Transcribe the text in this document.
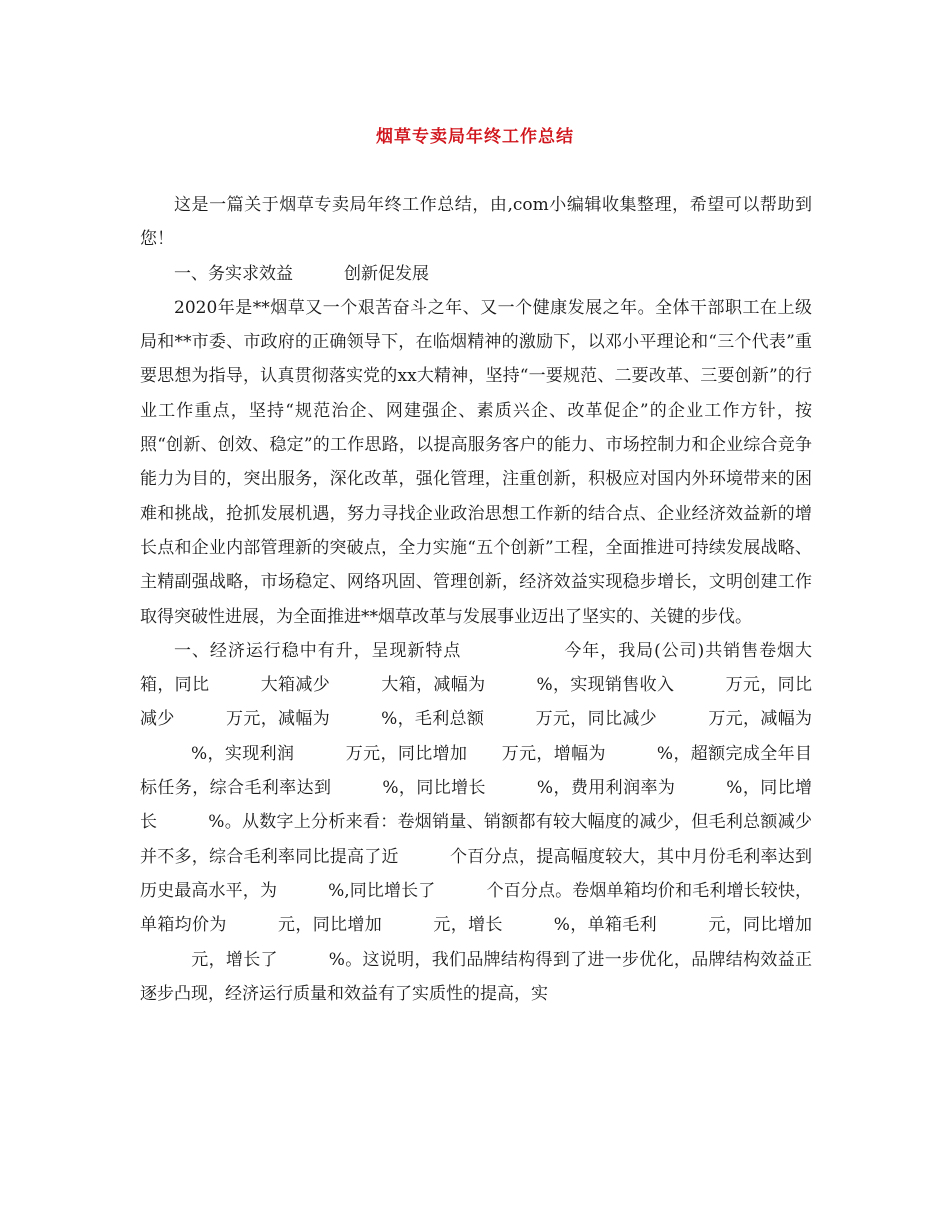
烟草专卖局年终工作总结

这是一篇关于烟草专卖局年终工作总结，由,com小编辑收集整理，希望可以帮助到您！

一、务实求效益	创新促发展

2020年是**烟草又一个艰苦奋斗之年、又一个健康发展之年。全体干部职工在上级局和**市委、市政府的正确领导下，在临烟精神的激励下，以邓小平理论和“三个代表”重要思想为指导，认真贯彻落实党的xx大精神，坚持“一要规范、二要改革、三要创新”的行业工作重点，坚持“规范治企、网建强企、素质兴企、改革促企”的企业工作方针，按照“创新、创效、稳定”的工作思路，以提高服务客户的能力、市场控制力和企业综合竞争能力为目的，突出服务，深化改革，强化管理，注重创新，积极应对国内外环境带来的困难和挑战，抢抓发展机遇，努力寻找企业政治思想工作新的结合点、企业经济效益新的增长点和企业内部管理新的突破点，全力实施“五个创新”工程，全面推进可持续发展战略、主精副强战略，市场稳定、网络巩固、管理创新，经济效益实现稳步增长，文明创建工作取得突破性进展，为全面推进**烟草改革与发展事业迈出了坚实的、关键的步伐。

一、经济运行稳中有升，呈现新特点	今年，我局(公司)共销售卷烟大箱，同比	大箱减少	大箱，减幅为	%，实现销售收入	万元，同比减少	万元，减幅为	%，毛利总额	万元，同比减少	万元，减幅为%，实现利润	万元，同比增加 万元，增幅为	%，超额完成全年目标任务，综合毛利率达到	%，同比增长	%，费用利润率为	%，同比增长	%。从数字上分析来看：卷烟销量、销额都有较大幅度的减少，但毛利总额减少并不多，综合毛利率同比提高了近	个百分点，提高幅度较大，其中月份毛利率达到历史最高水平，为	%,同比增长了	个百分点。卷烟单箱均价和毛利增长较快，单箱均价为	元，同比增加	元，增长	%，单箱毛利	元，同比增加元，增长了	%。这说明，我们品牌结构得到了进一步优化，品牌结构效益正逐步凸现，经济运行质量和效益有了实质性的提高，实
